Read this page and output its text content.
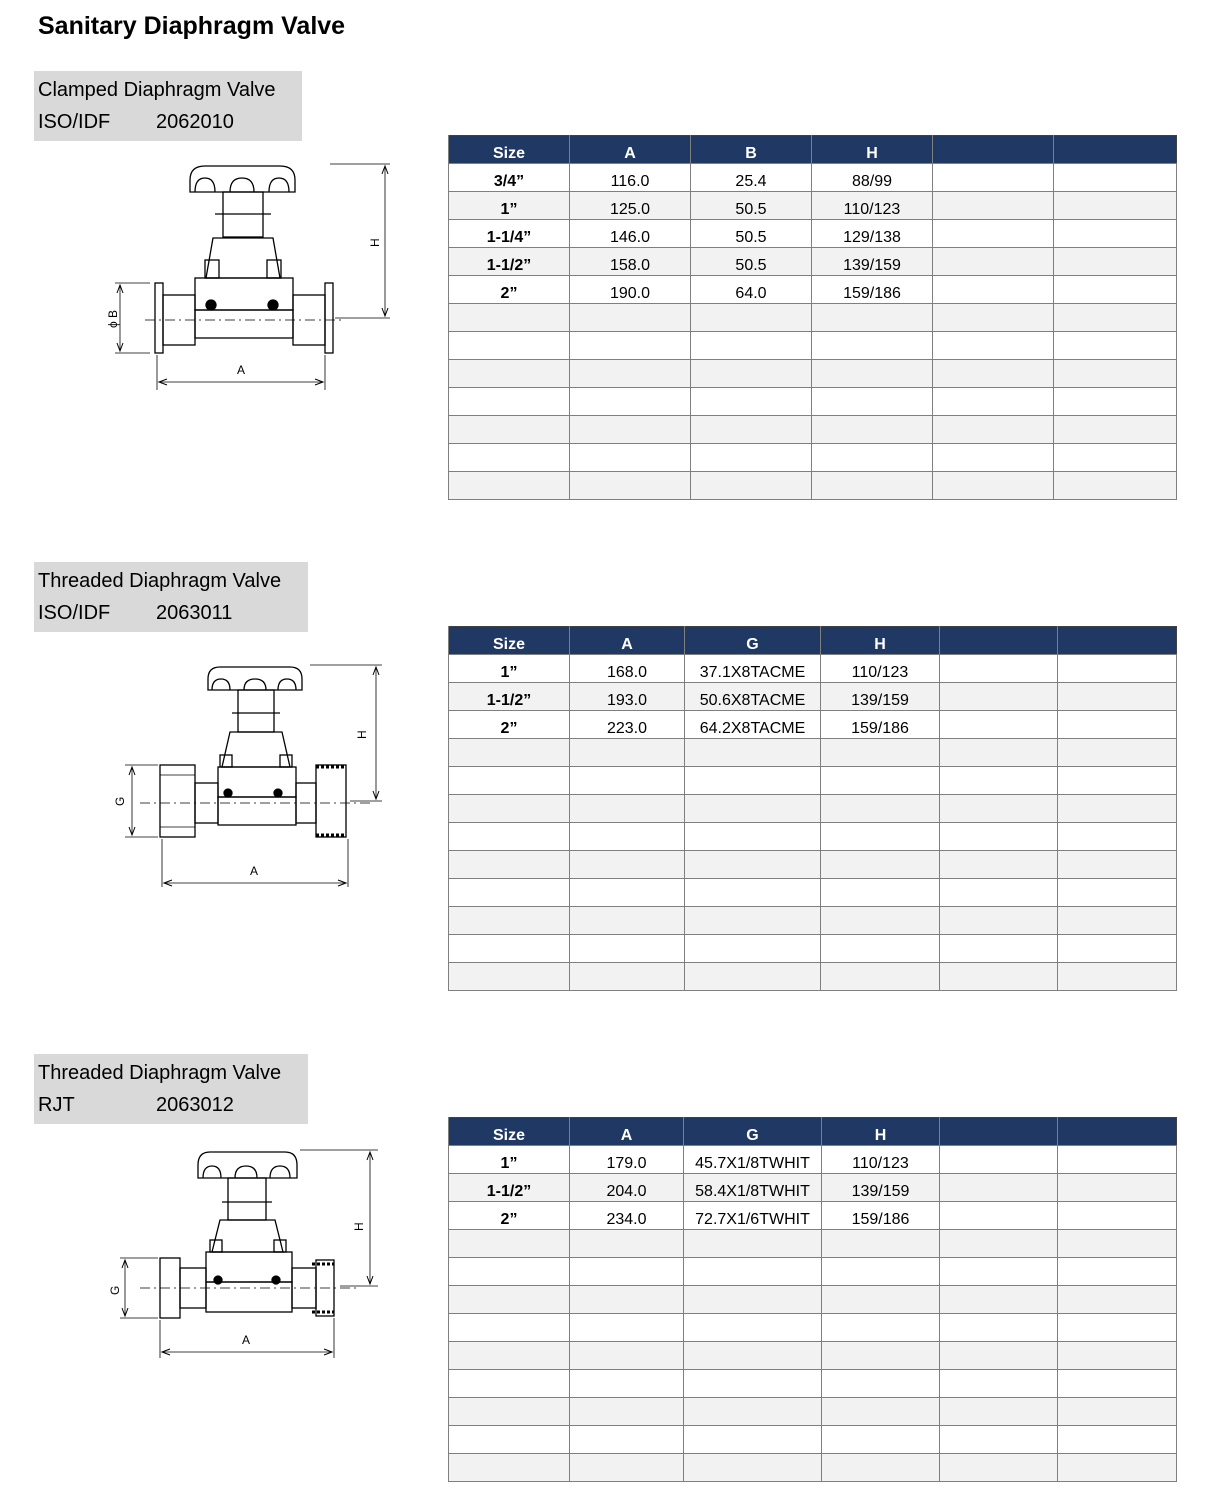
Sanitary Diaphragm Valve
Clamped Diaphragm Valve
ISO/IDF 2062010
Threaded Diaphragm Valve
ISO/IDF 2063011
Threaded Diaphragm Valve
RJT	2063012
H
ϕ B
A
H
G
A
H
G
A
Size	A	B	H		
3/4”	116.0	25.4	88/99		
1”	125.0	50.5	110/123		
1-1/4”	146.0	50.5	129/138		
1-1/2”	158.0	50.5	139/159		
2”	190.0	64.0	159/186		

Size	A	G	H		
1”	168.0	37.1X8TACME	110/123		
1-1/2”	193.0	50.6X8TACME	139/159		
2”	223.0	64.2X8TACME	159/186		

Size	A	G	H		
1”	179.0	45.7X1/8TWHIT	110/123		
1-1/2”	204.0	58.4X1/8TWHIT	139/159		
2”	234.0	72.7X1/6TWHIT	159/186		
